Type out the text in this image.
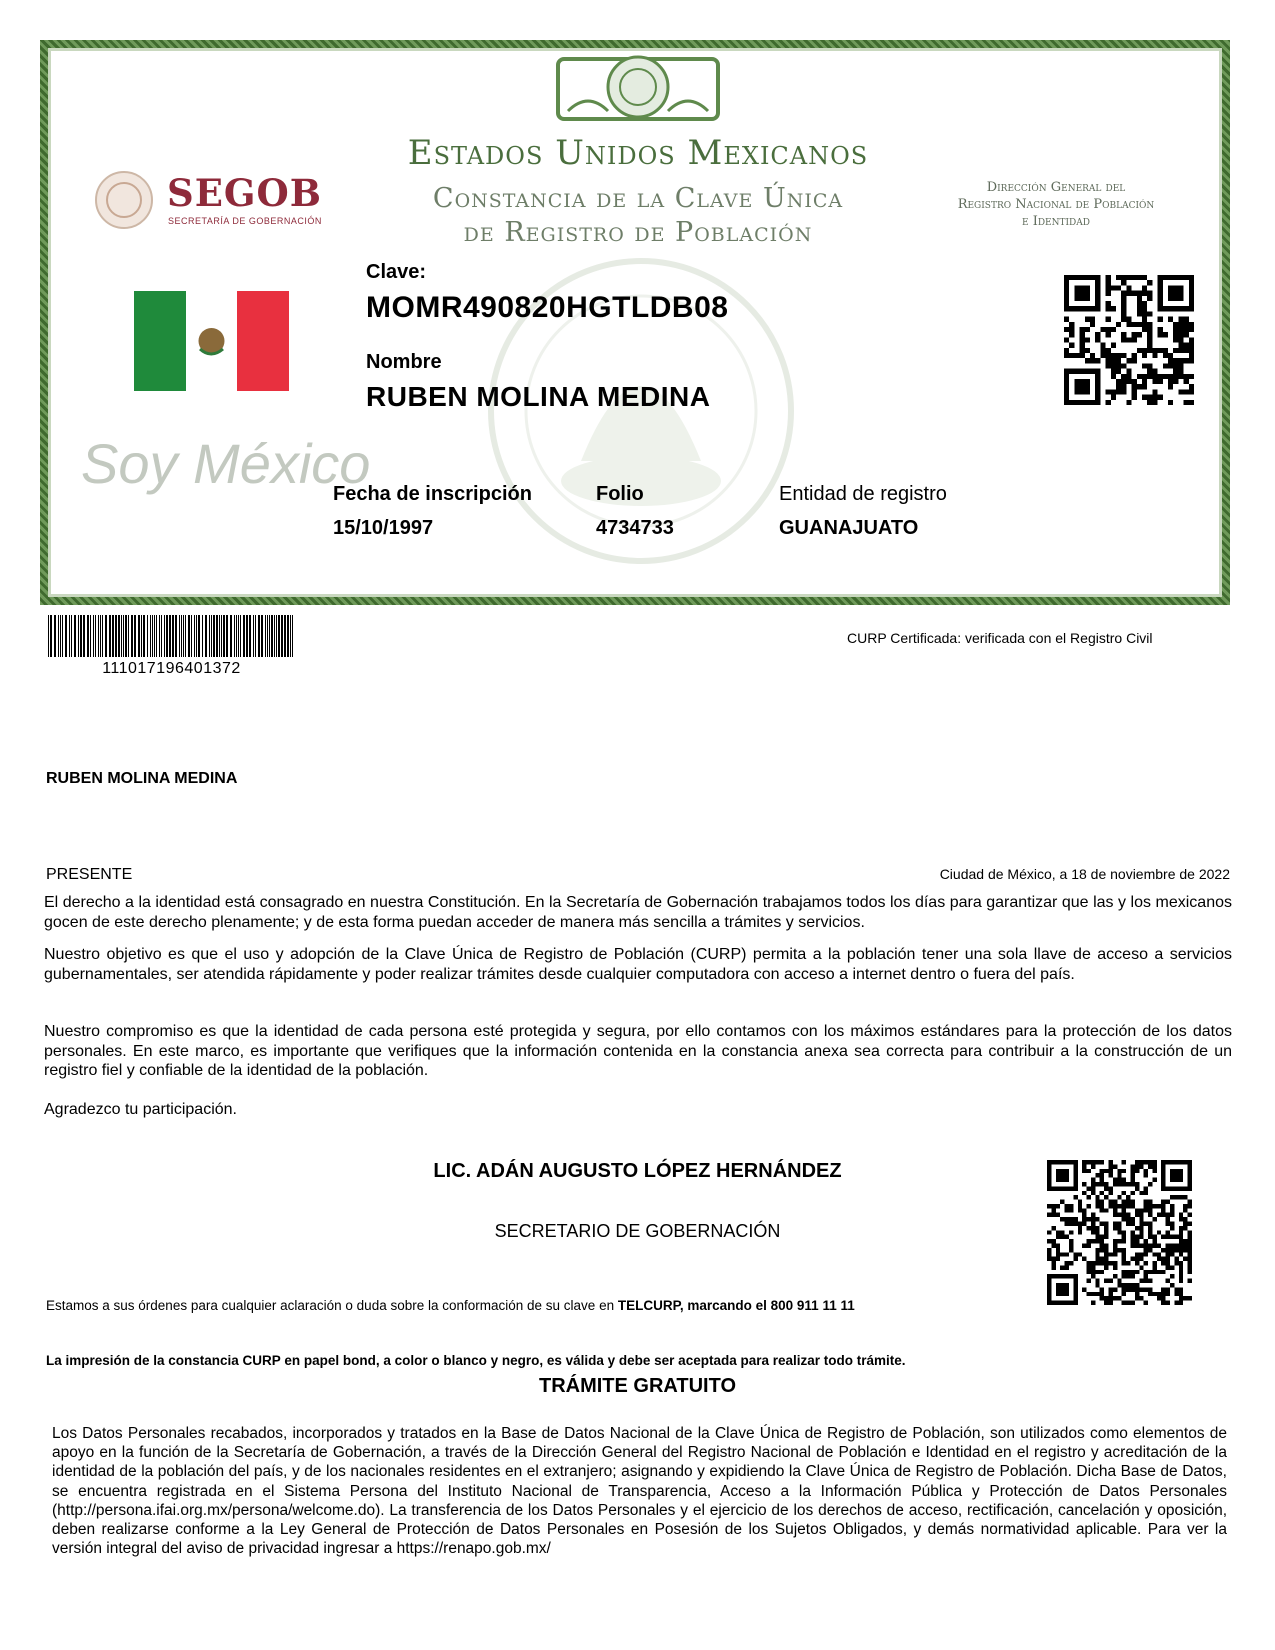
Estados Unidos Mexicanos
Constancia de la Clave Única
de Registro de Población
SEGOB
SECRETARÍA DE GOBERNACIÓN
Dirección General del
Registro Nacional de Población
e Identidad
Soy México
Clave:
MOMR490820HGTLDB08
Nombre
RUBEN MOLINA MEDINA
Fecha de inscripción
15/10/1997
Folio
4734733
Entidad de registro
GUANAJUATO
111017196401372
CURP Certificada: verificada con el Registro Civil
RUBEN MOLINA MEDINA
PRESENTE	Ciudad de México, a 18 de noviembre de 2022
El derecho a la identidad está consagrado en nuestra Constitución. En la Secretaría de Gobernación trabajamos todos los días para garantizar que las y los mexicanos gocen de este derecho plenamente; y de esta forma puedan acceder de manera más sencilla a trámites y servicios.
Nuestro objetivo es que el uso y adopción de la Clave Única de Registro de Población (CURP) permita a la población tener una sola llave de acceso a servicios gubernamentales, ser atendida rápidamente y poder realizar trámites desde cualquier computadora con acceso a internet dentro o fuera del país.
Nuestro compromiso es que la identidad de cada persona esté protegida y segura, por ello contamos con los máximos estándares para la protección de los datos personales. En este marco, es importante que verifiques que la información contenida en la constancia anexa sea correcta para contribuir a la construcción de un registro fiel y confiable de la identidad de la población.
Agradezco tu participación.
LIC. ADÁN AUGUSTO LÓPEZ HERNÁNDEZ
SECRETARIO DE GOBERNACIÓN
Estamos a sus órdenes para cualquier aclaración o duda sobre la conformación de su clave en TELCURP, marcando el 800 911 11 11
La impresión de la constancia CURP en papel bond, a color o blanco y negro, es válida y debe ser aceptada para realizar todo trámite.
TRÁMITE GRATUITO
Los Datos Personales recabados, incorporados y tratados en la Base de Datos Nacional de la Clave Única de Registro de Población, son utilizados como elementos de apoyo en la función de la Secretaría de Gobernación, a través de la Dirección General del Registro Nacional de Población e Identidad en el registro y acreditación de la identidad de la población del país, y de los nacionales residentes en el extranjero; asignando y expidiendo la Clave Única de Registro de Población. Dicha Base de Datos, se encuentra registrada en el Sistema Persona del Instituto Nacional de Transparencia, Acceso a la Información Pública y Protección de Datos Personales (http://persona.ifai.org.mx/persona/welcome.do). La transferencia de los Datos Personales y el ejercicio de los derechos de acceso, rectificación, cancelación y oposición, deben realizarse conforme a la Ley General de Protección de Datos Personales en Posesión de los Sujetos Obligados, y demás normatividad aplicable. Para ver la versión integral del aviso de privacidad ingresar a https://renapo.gob.mx/
